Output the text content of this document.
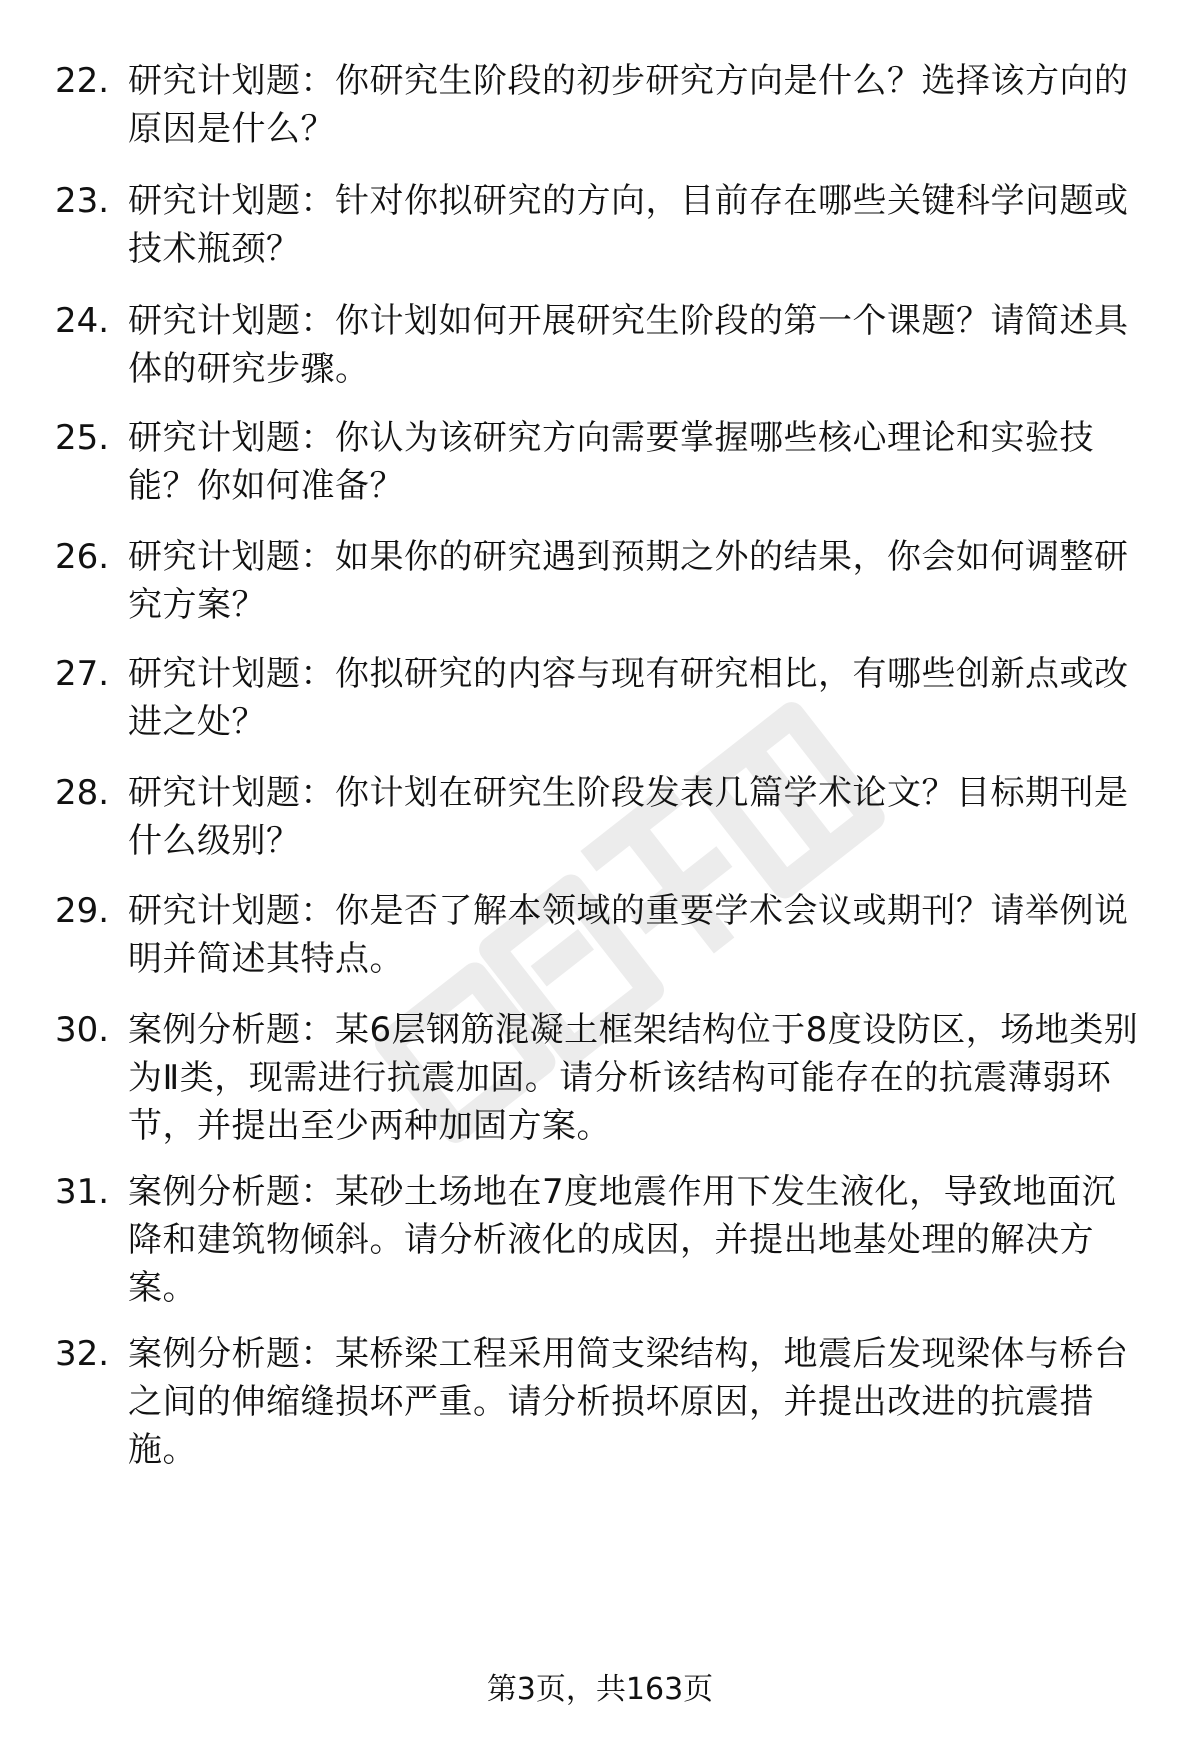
22. 研究计划题：你研究生阶段的初步研究方向是什么？选择该方向的原因是什么？
23. 研究计划题：针对你拟研究的方向，目前存在哪些关键科学问题或技术瓶颈？
24. 研究计划题：你计划如何开展研究生阶段的第一个课题？请简述具体的研究步骤。
25. 研究计划题：你认为该研究方向需要掌握哪些核心理论和实验技能？你如何准备？
26. 研究计划题：如果你的研究遇到预期之外的结果，你会如何调整研究方案？
27. 研究计划题：你拟研究的内容与现有研究相比，有哪些创新点或改进之处？
28. 研究计划题：你计划在研究生阶段发表几篇学术论文？目标期刊是什么级别？
29. 研究计划题：你是否了解本领域的重要学术会议或期刊？请举例说明并简述其特点。
30. 案例分析题：某6层钢筋混凝土框架结构位于8度设防区，场地类别为Ⅱ类，现需进行抗震加固。请分析该结构可能存在的抗震薄弱环节，并提出至少两种加固方案。
31. 案例分析题：某砂土场地在7度地震作用下发生液化，导致地面沉降和建筑物倾斜。请分析液化的成因，并提出地基处理的解决方案。
32. 案例分析题：某桥梁工程采用简支梁结构，地震后发现梁体与桥台之间的伸缩缝损坏严重。请分析损坏原因，并提出改进的抗震措施。
第3页，共163页
